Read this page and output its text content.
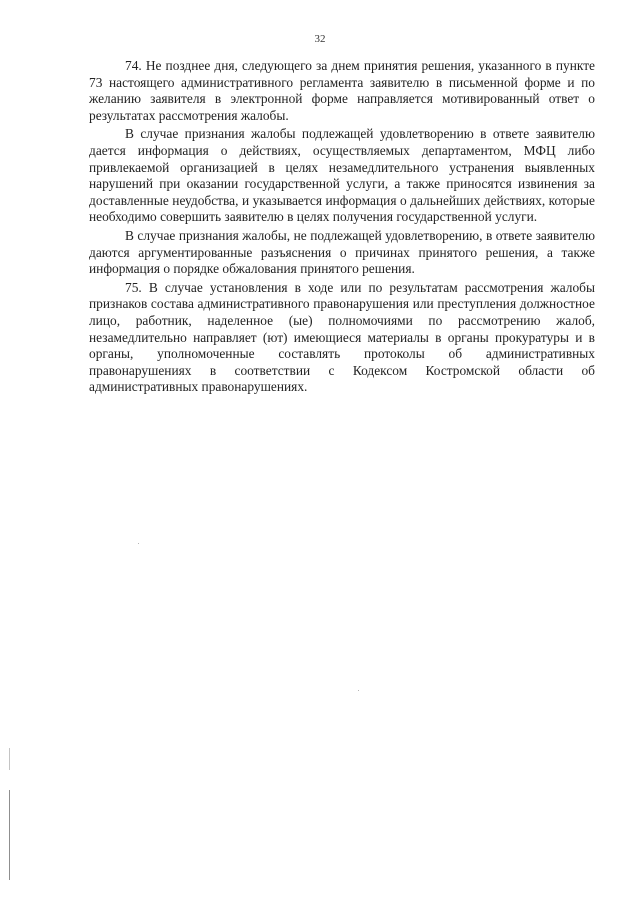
32

74. Не позднее дня, следующего за днем принятия решения, указанного в пункте 73 настоящего административного регламента заявителю в письменной форме и по желанию заявителя в электронной форме направляется мотивированный ответ о результатах рассмотрения жалобы.

В случае признания жалобы подлежащей удовлетворению в ответе заявителю дается информация о действиях, осуществляемых департаментом, МФЦ либо привлекаемой организацией в целях незамедлительного устранения выявленных нарушений при оказании государственной услуги, а также приносятся извинения за доставленные неудобства, и указывается информация о дальнейших действиях, которые необходимо совершить заявителю в целях получения государственной услуги.

В случае признания жалобы, не подлежащей удовлетворению, в ответе заявителю даются аргументированные разъяснения о причинах принятого решения, а также информация о порядке обжалования принятого решения.

75. В случае установления в ходе или по результатам рассмотрения жалобы признаков состава административного правонарушения или преступления должностное лицо, работник, наделенное (ые) полномочиями по рассмотрению жалоб, незамедлительно направляет (ют) имеющиеся материалы в органы прокуратуры и в органы, уполномоченные составлять протоколы об административных правонарушениях в соответствии с Кодексом Костромской области об административных правонарушениях.
